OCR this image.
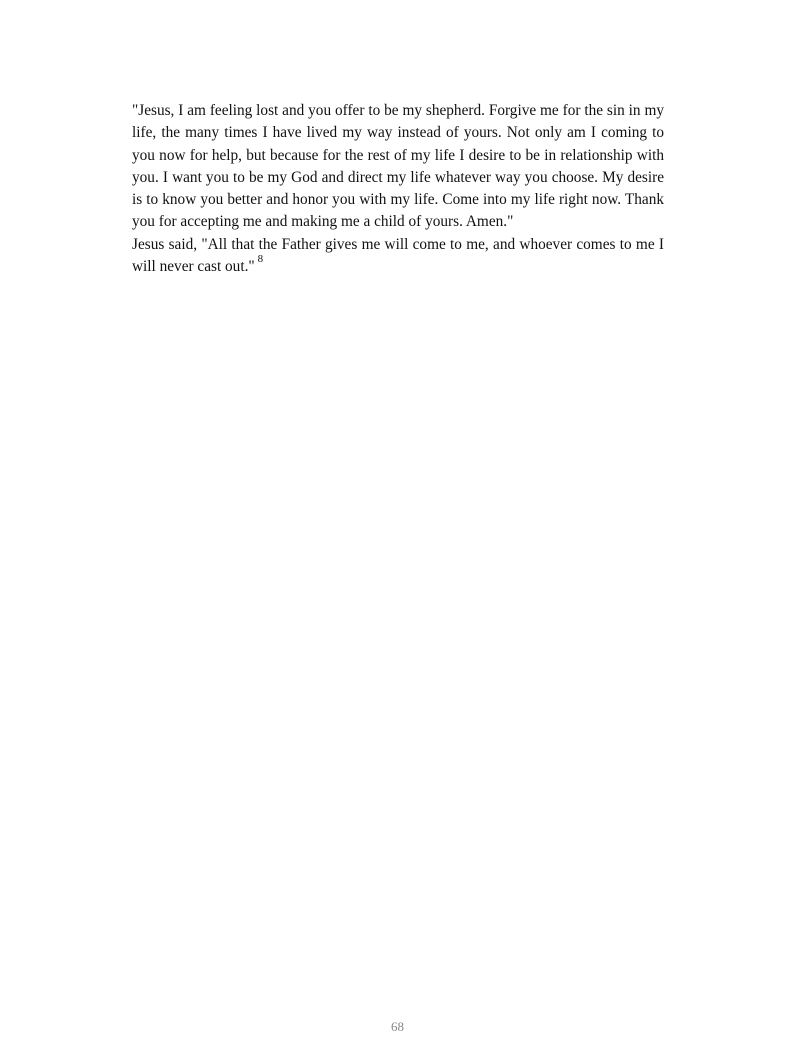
"Jesus, I am feeling lost and you offer to be my shepherd. Forgive me for the sin in my life, the many times I have lived my way instead of yours. Not only am I coming to you now for help, but because for the rest of my life I desire to be in relationship with you. I want you to be my God and direct my life whatever way you choose. My desire is to know you better and honor you with my life. Come into my life right now. Thank you for accepting me and making me a child of yours. Amen."

Jesus said, "All that the Father gives me will come to me, and whoever comes to me I will never cast out." $^8$

68
